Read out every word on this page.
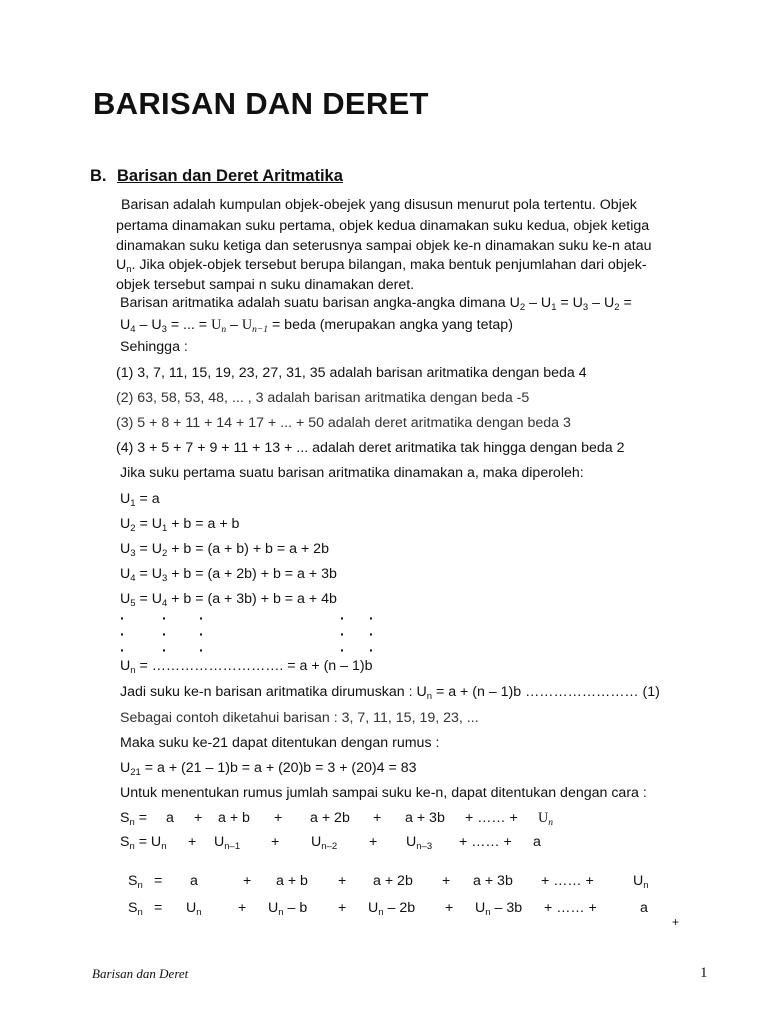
BARISAN DAN DERET
B. Barisan dan Deret Aritmatika
Barisan adalah kumpulan objek-obejek yang disusun menurut pola tertentu. Objek
pertama dinamakan suku pertama, objek kedua dinamakan suku kedua, objek ketiga
dinamakan suku ketiga dan seterusnya sampai objek ke-n dinamakan suku ke-n atau
$U_n$. Jika objek-objek tersebut berupa bilangan, maka bentuk penjumlahan dari objek-
objek tersebut sampai n suku dinamakan deret.
Barisan aritmatika adalah suatu barisan angka-angka dimana $U_2 - U_1 = U_3 - U_2$ =
$U_4 - U_3$ = ... = $U_n - U_{n-1}$ = beda (merupakan angka yang tetap)
Sehingga :
(1) 3, 7, 11, 15, 19, 23, 27, 31, 35 adalah barisan aritmatika dengan beda 4
(2) 63, 58, 53, 48, ... , 3 adalah barisan aritmatika dengan beda -5
(3) 5 + 8 + 11 + 14 + 17 + ... + 50 adalah deret aritmatika dengan beda 3
(4) 3 + 5 + 7 + 9 + 11 + 13 + ... adalah deret aritmatika tak hingga dengan beda 2
Jika suku pertama suatu barisan aritmatika dinamakan a, maka diperoleh:
$U_1 = a$
$U_2 = U_1 + b = a + b$
$U_3 = U_2 + b = (a + b) + b = a + 2b$
$U_4 = U_3 + b = (a + 2b) + b = a + 3b$
$U_5 = U_4 + b = (a + 3b) + b = a + 4b$
·	· ·	· ·
·	· ·	· ·
·	· ·	· ·
$U_n$ = ………………………. = a + (n – 1)b
Jadi suku ke-n barisan aritmatika dirumuskan : $U_n = a + (n - 1)b$ …………………… (1)
Sebagai contoh diketahui barisan : 3, 7, 11, 15, 19, 23, ...
Maka suku ke-21 dapat ditentukan dengan rumus :
$U_{21} = a + (21 - 1)b = a + (20)b = 3 + (20)4 = 83$
Untuk menentukan rumus jumlah sampai suku ke-n, dapat ditentukan dengan cara :
$S_n = a + a + b + a + 2b + a + 3b$ + …… + $U_n$
$S_n = U_n + U_{n-1} + U_{n-2} + U_{n-3}$ + …… + a
$S_n = a$	+ a + b + a + 2b + a + 3b + …… +	$U_n$
$S_n = U_n$	+ $U_n - b + U_n - 2b + U_n - 3b$ + …… +	a
+
Barisan dan Deret	1
